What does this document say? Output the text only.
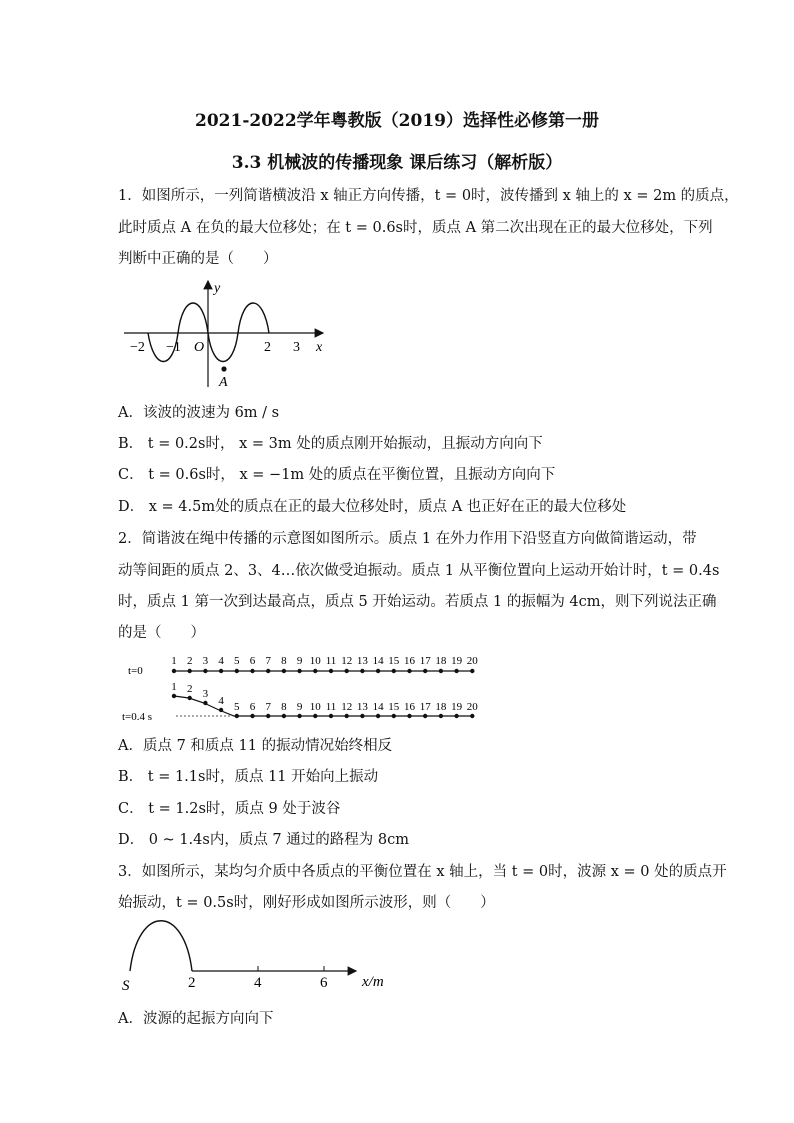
2021-2022学年粤教版（2019）选择性必修第一册
3.3 机械波的传播现象 课后练习（解析版）
1．如图所示，一列简谐横波沿 x 轴正方向传播，t = 0时，波传播到 x 轴上的 x = 2m 的质点，
此时质点 A 在负的最大位移处；在 t = 0.6s时，质点 A 第二次出现在正的最大位移处，下列
判断中正确的是（　　）
y
x
O
A
−2 −1	2 3
A．该波的波速为 6m / s
B． t = 0.2s时， x = 3m 处的质点刚开始振动，且振动方向向下
C． t = 0.6s时， x = −1m 处的质点在平衡位置，且振动方向向下
D． x = 4.5m处的质点在正的最大位移处时，质点 A 也正好在正的最大位移处
2．简谐波在绳中传播的示意图如图所示。质点 1 在外力作用下沿竖直方向做简谐运动，带
动等间距的质点 2、3、4…依次做受迫振动。质点 1 从平衡位置向上运动开始计时，t = 0.4s
时，质点 1 第一次到达最高点，质点 5 开始运动。若质点 1 的振幅为 4cm，则下列说法正确
的是（　　）
t=0
t=0.4 s
1
1
2
2
3
3
4
4
5
5
6
6
7
7
8
8
9
9
10
10
11
11
12
12
13
13
14
14
15
15
16
16
17
17
18
18
19
19
20
20
A．质点 7 和质点 11 的振动情况始终相反
B． t = 1.1s时，质点 11 开始向上振动
C． t = 1.2s时，质点 9 处于波谷
D． 0 ~ 1.4s内，质点 7 通过的路程为 8cm
3．如图所示，某均匀介质中各质点的平衡位置在 x 轴上，当 t = 0时，波源 x = 0 处的质点开
始振动，t = 0.5s时，刚好形成如图所示波形，则（　　）
S	2	4	6 x/m
A．波源的起振方向向下
